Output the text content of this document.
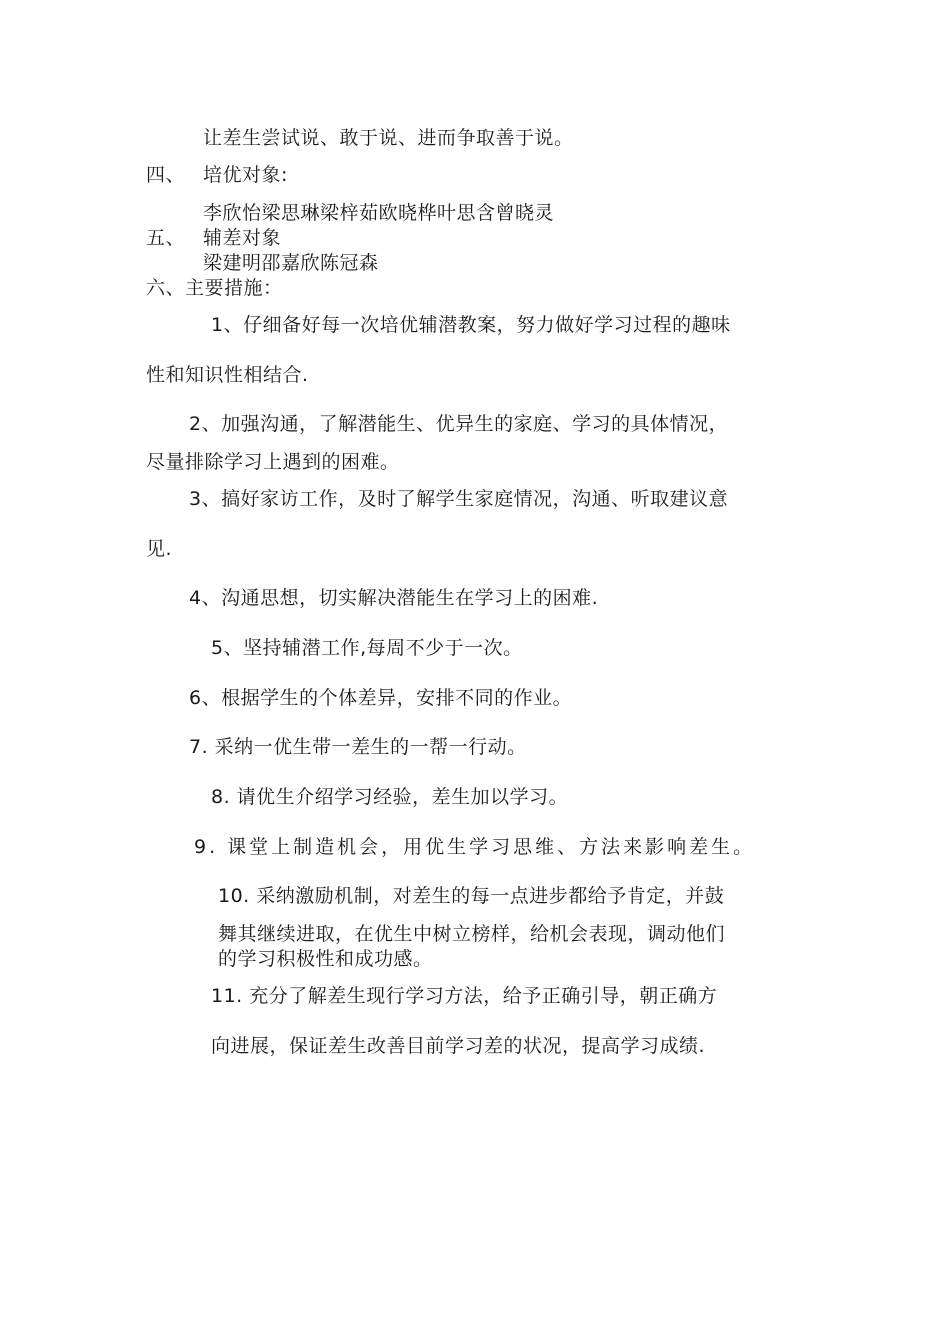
让差生尝试说、敢于说、进而争取善于说。
四、 培优对象:
李欣怡梁思琳梁梓茹欧晓桦叶思含曾晓灵
五、 辅差对象
梁建明邵嘉欣陈冠森
六、主要措施：
1、仔细备好每一次培优辅潜教案，努力做好学习过程的趣味
性和知识性相结合.
2、加强沟通，了解潜能生、优异生的家庭、学习的具体情况，
尽量排除学习上遇到的困难。
3、搞好家访工作，及时了解学生家庭情况，沟通、听取建议意
见.
4、沟通思想，切实解决潜能生在学习上的困难.
5、坚持辅潜工作,每周不少于一次。
6、根据学生的个体差异，安排不同的作业。
7. 采纳一优生带一差生的一帮一行动。
8. 请优生介绍学习经验，差生加以学习。
9. 课堂上制造机会，用优生学习思维、方法来影响差生。
10. 采纳激励机制，对差生的每一点进步都给予肯定，并鼓
舞其继续进取，在优生中树立榜样，给机会表现，调动他们
的学习积极性和成功感。
11. 充分了解差生现行学习方法，给予正确引导，朝正确方
向进展，保证差生改善目前学习差的状况，提高学习成绩.
